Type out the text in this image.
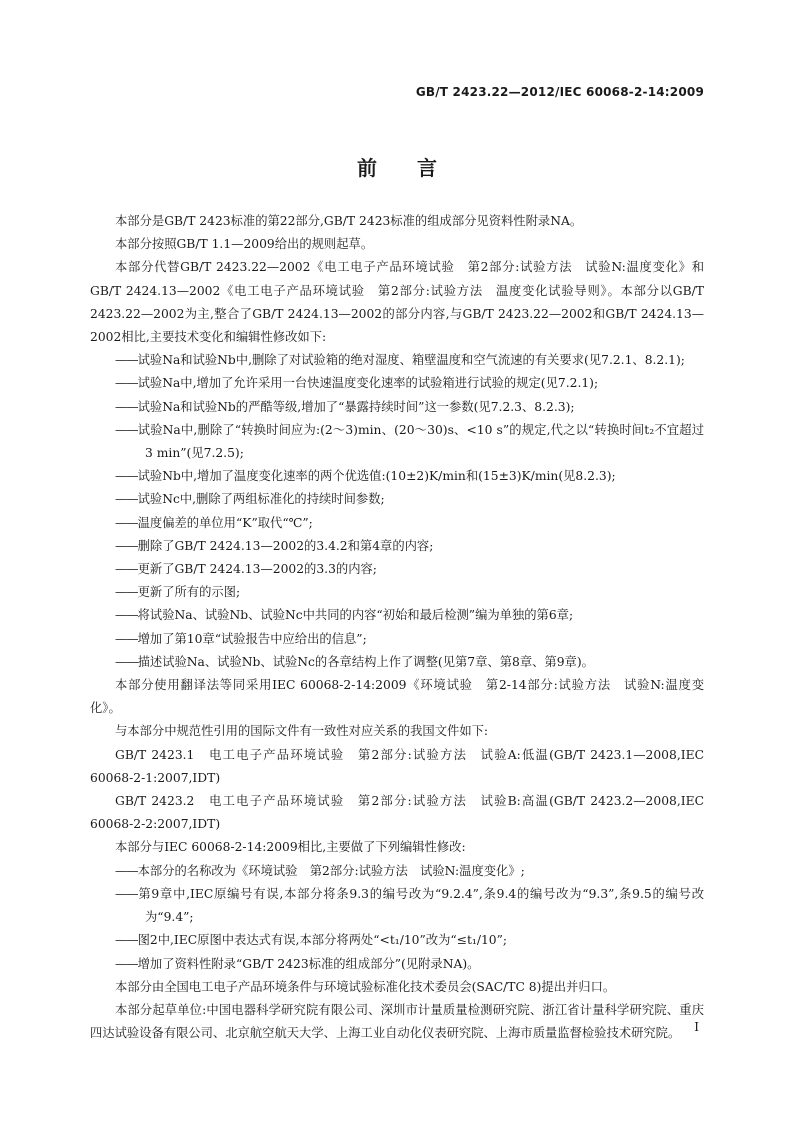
GB/T 2423.22—2012/IEC 60068-2-14:2009
前言

本部分是GB/T 2423标准的第22部分,GB/T 2423标准的组成部分见资料性附录NA。

本部分按照GB/T 1.1—2009给出的规则起草。

本部分代替GB/T 2423.22—2002《电工电子产品环境试验　第2部分:试验方法　试验N:温度变化》和GB/T 2424.13—2002《电工电子产品环境试验　第2部分:试验方法　温度变化试验导则》。本部分以GB/T 2423.22—2002为主,整合了GB/T 2424.13—2002的部分内容,与GB/T 2423.22—2002和GB/T 2424.13—2002相比,主要技术变化和编辑性修改如下:

——试验Na和试验Nb中,删除了对试验箱的绝对湿度、箱壁温度和空气流速的有关要求(见7.2.1、8.2.1);

——试验Na中,增加了允许采用一台快速温度变化速率的试验箱进行试验的规定(见7.2.1);

——试验Na和试验Nb的严酷等级,增加了“暴露持续时间”这一参数(见7.2.3、8.2.3);

——试验Na中,删除了“转换时间应为:(2～3)min、(20～30)s、<10 s”的规定,代之以“转换时间t₂不宜超过3 min”(见7.2.5);

——试验Nb中,增加了温度变化速率的两个优选值:(10±2)K/min和(15±3)K/min(见8.2.3);

——试验Nc中,删除了两组标准化的持续时间参数;

——温度偏差的单位用“K”取代“℃”;

——删除了GB/T 2424.13—2002的3.4.2和第4章的内容;

——更新了GB/T 2424.13—2002的3.3的内容;

——更新了所有的示图;

——将试验Na、试验Nb、试验Nc中共同的内容“初始和最后检测”编为单独的第6章;

——增加了第10章“试验报告中应给出的信息”;

——描述试验Na、试验Nb、试验Nc的各章结构上作了调整(见第7章、第8章、第9章)。

本部分使用翻译法等同采用IEC 60068-2-14:2009《环境试验　第2-14部分:试验方法　试验N:温度变化》。

与本部分中规范性引用的国际文件有一致性对应关系的我国文件如下:

GB/T 2423.1　电工电子产品环境试验　第2部分:试验方法　试验A:低温(GB/T 2423.1—2008,IEC 60068-2-1:2007,IDT)

GB/T 2423.2　电工电子产品环境试验　第2部分:试验方法　试验B:高温(GB/T 2423.2—2008,IEC 60068-2-2:2007,IDT)

本部分与IEC 60068-2-14:2009相比,主要做了下列编辑性修改:

——本部分的名称改为《环境试验　第2部分:试验方法　试验N:温度变化》;

——第9章中,IEC原编号有误,本部分将条9.3的编号改为“9.2.4”,条9.4的编号改为“9.3”,条9.5的编号改为“9.4”;

——图2中,IEC原图中表达式有误,本部分将两处“<t₁/10”改为“≤t₁/10”;

——增加了资料性附录“GB/T 2423标准的组成部分”(见附录NA)。

本部分由全国电工电子产品环境条件与环境试验标准化技术委员会(SAC/TC 8)提出并归口。

本部分起草单位:中国电器科学研究院有限公司、深圳市计量质量检测研究院、浙江省计量科学研究院、重庆四达试验设备有限公司、北京航空航天大学、上海工业自动化仪表研究院、上海市质量监督检验技术研究院。	I
